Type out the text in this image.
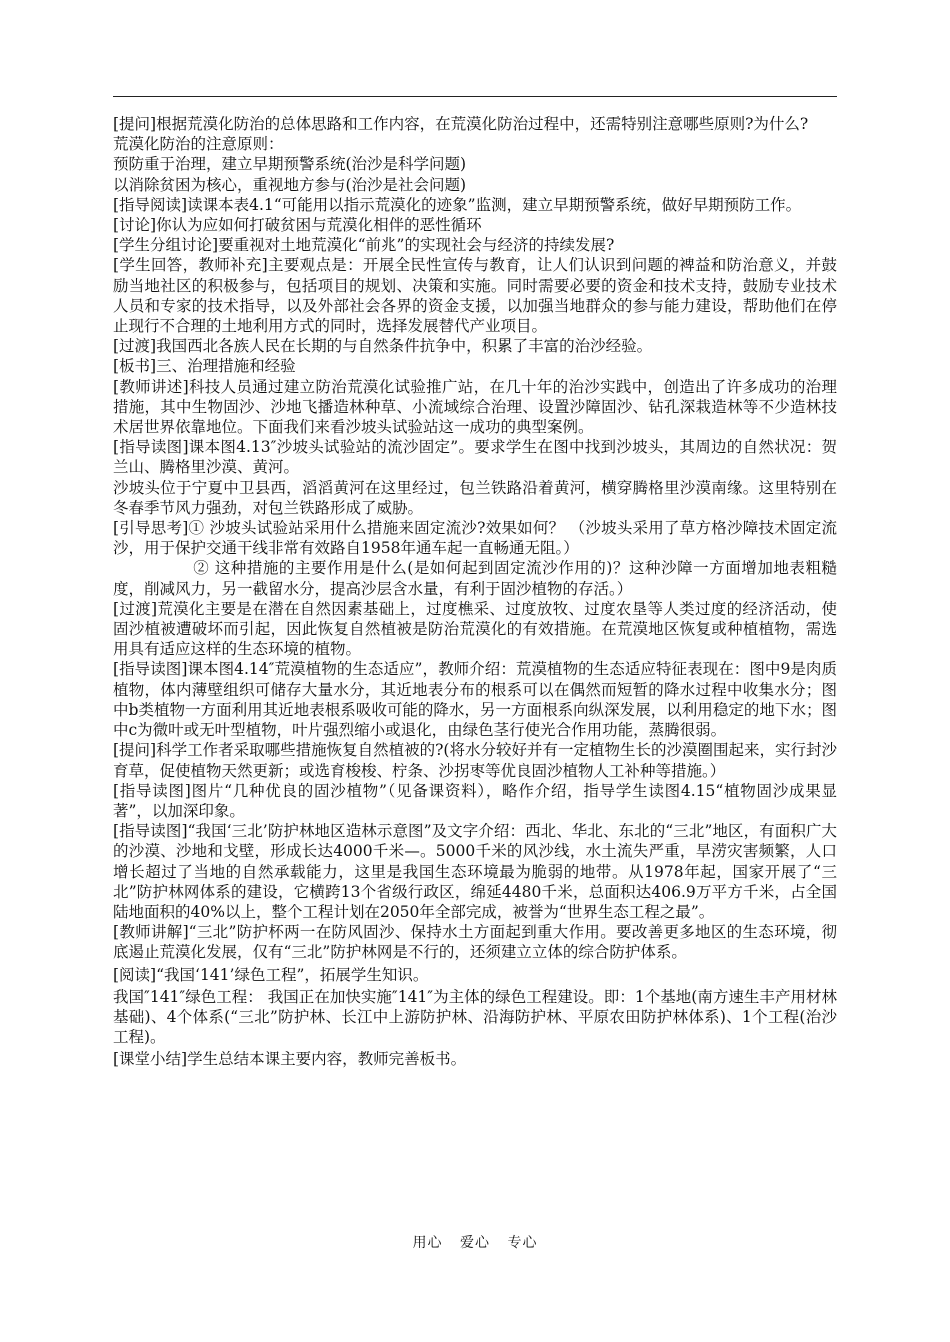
[提问]根据荒漠化防治的总体思路和工作内容，在荒漠化防治过程中，还需特别注意哪些原则?为什么?

荒漠化防治的注意原则：

预防重于治理，建立早期预警系统(治沙是科学问题)

以消除贫困为核心，重视地方参与(治沙是社会问题)

[指导阅读]读课本表4.1“可能用以指示荒漠化的迹象”监测，建立早期预警系统，做好早期预防工作。

[讨论]你认为应如何打破贫困与荒漠化相伴的恶性循环

[学生分组讨论]要重视对土地荒漠化“前兆”的实现社会与经济的持续发展?

[学生回答，教师补充]主要观点是：开展全民性宣传与教育，让人们认识到问题的裨益和防治意义，并鼓励当地社区的积极参与，包括项目的规划、决策和实施。同时需要必要的资金和技术支持，鼓励专业技术人员和专家的技术指导，以及外部社会各界的资金支援，以加强当地群众的参与能力建设，帮助他们在停止现行不合理的土地利用方式的同时，选择发展替代产业项目。

[过渡]我国西北各族人民在长期的与自然条件抗争中，积累了丰富的治沙经验。

[板书]三、治理措施和经验

[教师讲述]科技人员通过建立防治荒漠化试验推广站，在几十年的治沙实践中，创造出了许多成功的治理措施，其中生物固沙、沙地飞播造林种草、小流域综合治理、设置沙障固沙、钻孔深栽造林等不少造林技术居世界依靠地位。下面我们来看沙坡头试验站这一成功的典型案例。

[指导读图]课本图4.13″沙坡头试验站的流沙固定”。要求学生在图中找到沙坡头，其周边的自然状况：贺兰山、腾格里沙漠、黄河。

沙坡头位于宁夏中卫县西，滔滔黄河在这里经过，包兰铁路沿着黄河，横穿腾格里沙漠南缘。这里特别在冬春季节风力强劲，对包兰铁路形成了威胁。

[引导思考]① 沙坡头试验站采用什么措施来固定流沙?效果如何？ （沙坡头采用了草方格沙障技术固定流沙，用于保护交通干线非常有效路自1958年通车起一直畅通无阻。）

　　　　　② 这种措施的主要作用是什么(是如何起到固定流沙作用的)？这种沙障一方面增加地表粗糙度，削减风力，另一截留水分，提高沙层含水量，有利于固沙植物的存活。）

[过渡]荒漠化主要是在潜在自然因素基础上，过度樵采、过度放牧、过度农垦等人类过度的经济活动，使固沙植被遭破坏而引起，因此恢复自然植被是防治荒漠化的有效措施。在荒漠地区恢复或种植植物，需选用具有适应这样的生态环境的植物。

[指导读图]课本图4.14″荒漠植物的生态适应”，教师介绍：荒漠植物的生态适应特征表现在：图中9是肉质植物，体内薄壁组织可储存大量水分，其近地表分布的根系可以在偶然而短暂的降水过程中收集水分；图中b类植物一方面利用其近地表根系吸收可能的降水，另一方面根系向纵深发展，以利用稳定的地下水；图中c为微叶或无叶型植物，叶片强烈缩小或退化，由绿色茎行使光合作用功能，蒸腾很弱。

[提问]科学工作者采取哪些措施恢复自然植被的?(将水分较好并有一定植物生长的沙漠圈围起来，实行封沙育草，促使植物天然更新；或选育梭梭、柠条、沙拐枣等优良固沙植物人工补种等措施。）

[指导读图]图片“几种优良的固沙植物”（见备课资料），略作介绍，指导学生读图4.15“植物固沙成果显著”，以加深印象。

[指导读图]“我国‘三北’防护林地区造林示意图”及文字介绍：西北、华北、东北的“三北”地区，有面积广大的沙漠、沙地和戈壁，形成长达4000千米—。5000千米的风沙线，水土流失严重，旱涝灾害频繁，人口增长超过了当地的自然承载能力，这里是我国生态环境最为脆弱的地带。从1978年起，国家开展了“三北”防护林网体系的建设，它横跨13个省级行政区，绵延4480千米，总面积达406.9万平方千米，占全国陆地面积的40%以上，整个工程计划在2050年全部完成，被誉为“世界生态工程之最”。

[教师讲解]“三北”防护杯两一在防风固沙、保持水土方面起到重大作用。要改善更多地区的生态环境，彻底遏止荒漠化发展，仅有“三北”防护林网是不行的，还须建立立体的综合防护体系。

[阅读]“我国‘141’绿色工程”，拓展学生知识。

我国″141″绿色工程： 我国正在加快实施″141″为主体的绿色工程建设。即：1个基地(南方速生丰产用材林基础)、4个体系(“三北”防护林、长江中上游防护林、沿海防护林、平原农田防护林体系)、1个工程(治沙工程)。

[课堂小结]学生总结本课主要内容，教师完善板书。

用心 爱心 专心
